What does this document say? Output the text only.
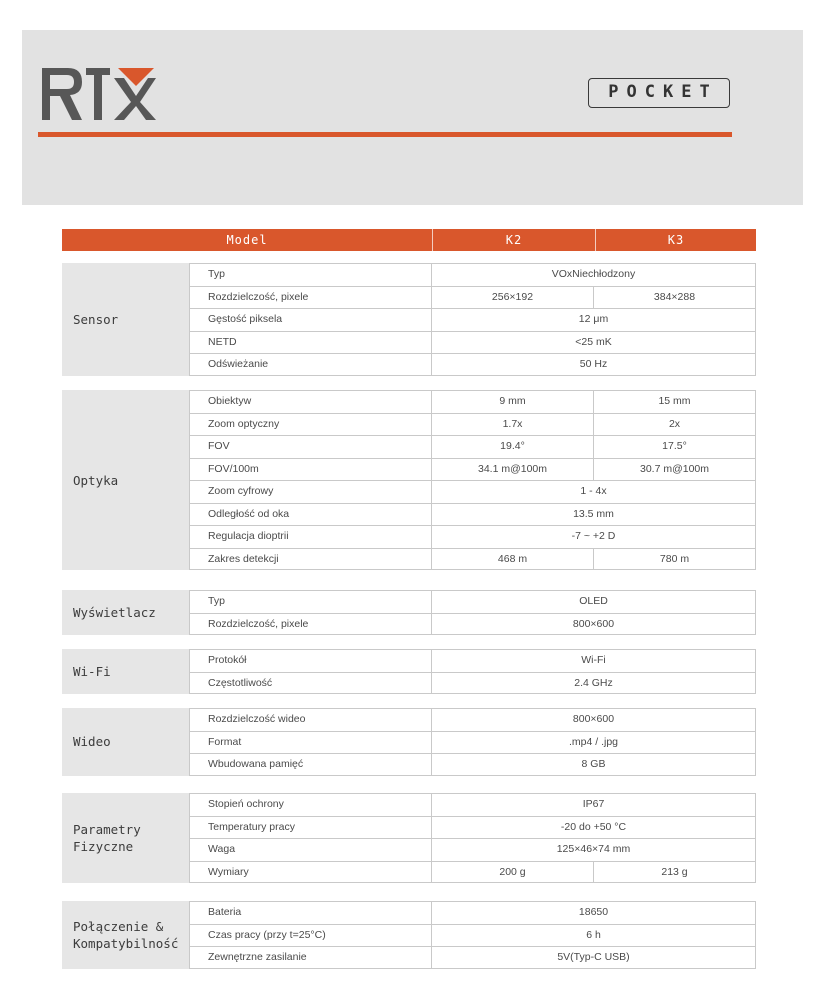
POCKET
Model	K2	K3
Sensor
Typ	VOxNiechłodzony
Rozdzielczość, pixele	256×192	384×288
Gęstość piksela	12 μm
NETD	<25 mK
Odświeżanie	50 Hz
Optyka
Obiektyw	9 mm	15 mm
Zoom optyczny	1.7x	2x
FOV	19.4°	17.5°
FOV/100m	34.1 m@100m	30.7 m@100m
Zoom cyfrowy	1 - 4x
Odległość od oka	13.5 mm
Regulacja dioptrii	-7 ~ +2 D
Zakres detekcji	468 m	780 m
Wyświetlacz
Typ	OLED
Rozdzielczość, pixele	800×600
Wi-Fi
Protokół	Wi-Fi
Częstotliwość	2.4 GHz
Wideo
Rozdzielczość wideo	800×600
Format	.mp4 / .jpg
Wbudowana pamięć	8 GB
Parametry Fizyczne
Stopień ochrony	IP67
Temperatury pracy	-20 do +50 °C
Waga	125×46×74 mm
Wymiary	200 g	213 g
Połączenie & Kompatybilność
Bateria	18650
Czas pracy (przy t=25°C)	6 h
Zewnętrzne zasilanie	5V(Typ-C USB)
